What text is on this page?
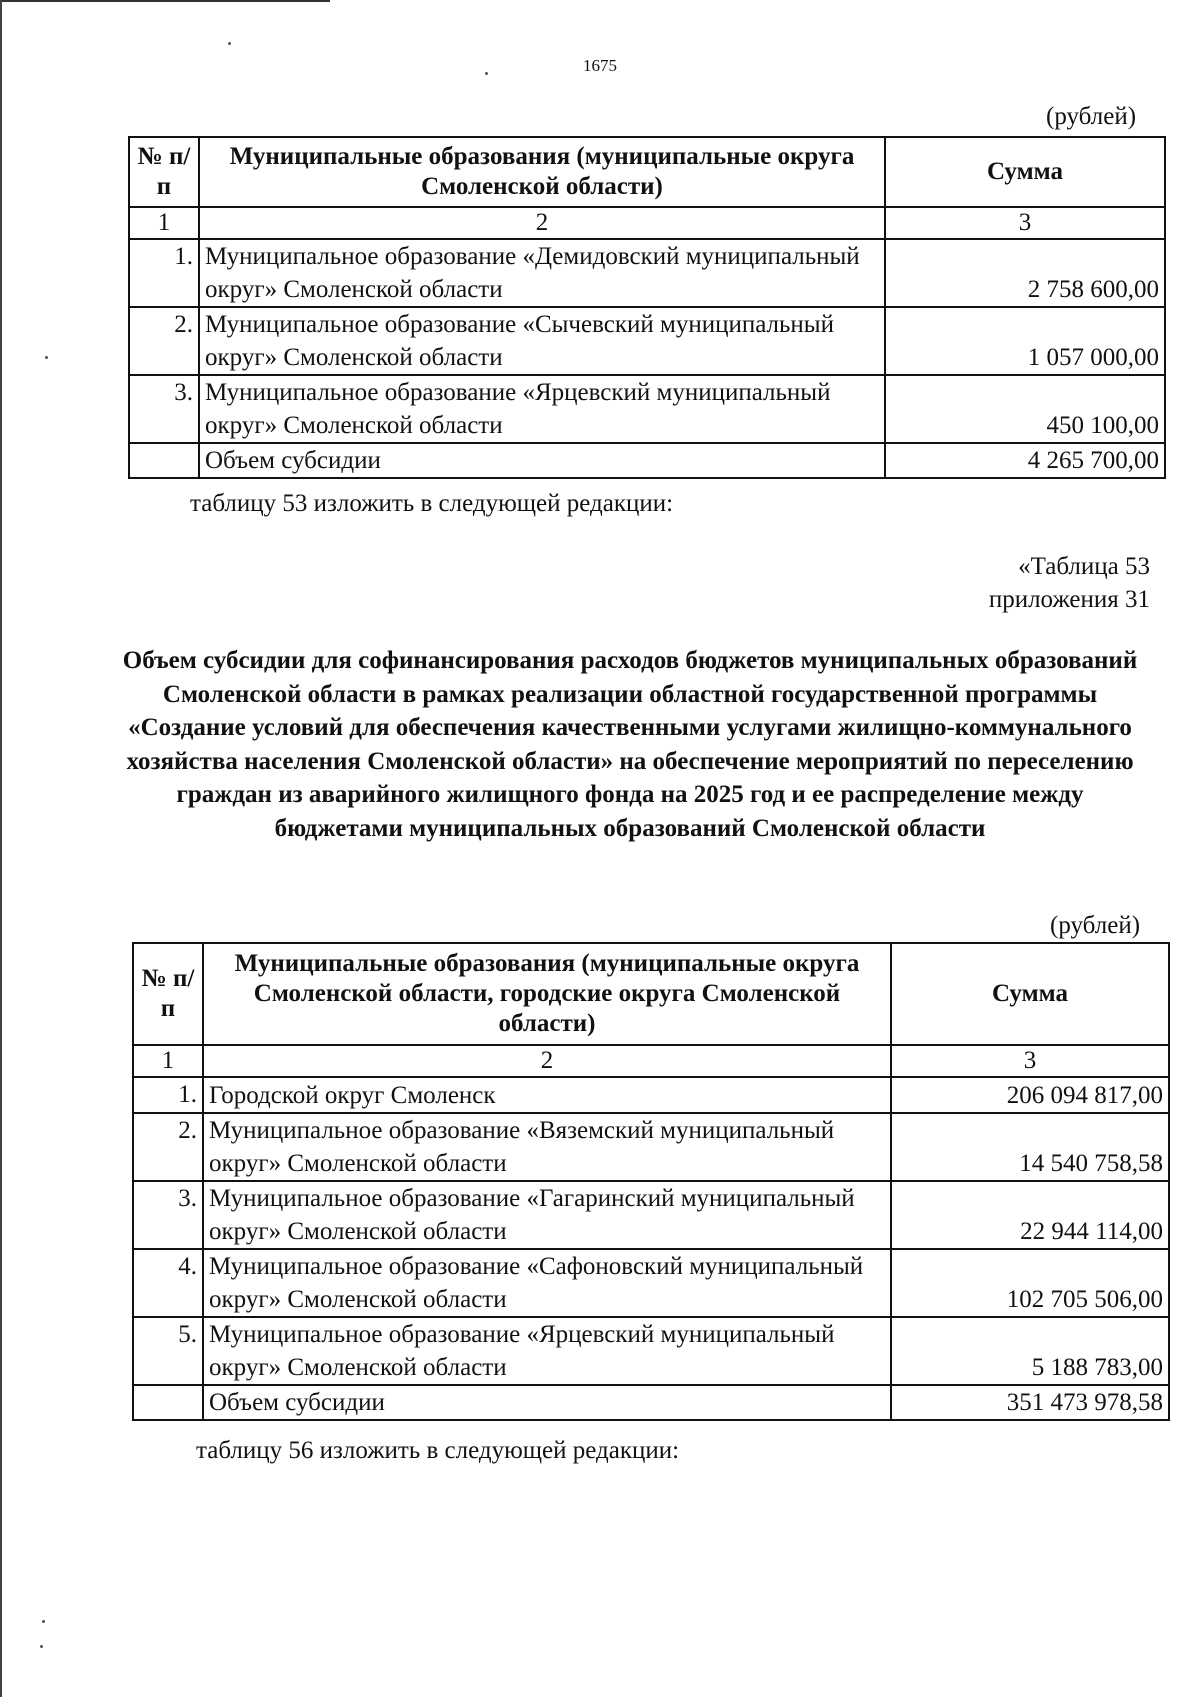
1675
(рублей)
№ п/п	Муниципальные образования (муниципальные округа Смоленской области)	Сумма
1	2	3
1.	Муниципальное образование «Демидовский муниципальный округ» Смоленской области	2 758 600,00
2.	Муниципальное образование «Сычевский муниципальный округ» Смоленской области	1 057 000,00
3.	Муниципальное образование «Ярцевский муниципальный округ» Смоленской области	450 100,00
	Объем субсидии	4 265 700,00
таблицу 53 изложить в следующей редакции:
«Таблица 53
приложения 31
Объем субсидии для софинансирования расходов бюджетов муниципальных образований Смоленской области в рамках реализации областной государственной программы «Создание условий для обеспечения качественными услугами жилищно-коммунального хозяйства населения Смоленской области» на обеспечение мероприятий по переселению граждан из аварийного жилищного фонда на 2025 год и ее распределение между бюджетами муниципальных образований Смоленской области
(рублей)
№ п/п	Муниципальные образования (муниципальные округа Смоленской области, городские округа Смоленской области)	Сумма
1	2	3
1.	Городской округ Смоленск	206 094 817,00
2.	Муниципальное образование «Вяземский муниципальный округ» Смоленской области	14 540 758,58
3.	Муниципальное образование «Гагаринский муниципальный округ» Смоленской области	22 944 114,00
4.	Муниципальное образование «Сафоновский муниципальный округ» Смоленской области	102 705 506,00
5.	Муниципальное образование «Ярцевский муниципальный округ» Смоленской области	5 188 783,00
	Объем субсидии	351 473 978,58
таблицу 56 изложить в следующей редакции:
